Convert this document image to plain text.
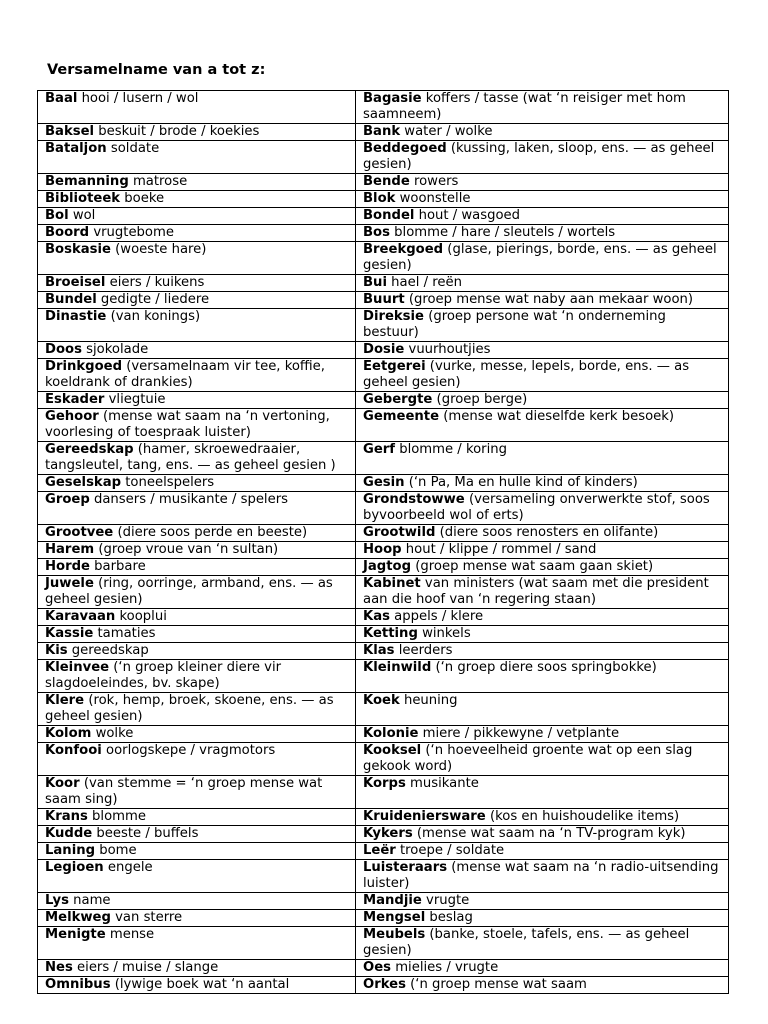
Versamelname van a tot z:
Baal hooi / lusern / wol	Bagasie koffers / tasse (wat ‘n reisiger met hom saamneem)
Baksel beskuit / brode / koekies	Bank water / wolke
Bataljon soldate	Beddegoed (kussing, laken, sloop, ens. — as geheel gesien)
Bemanning matrose	Bende rowers
Biblioteek boeke	Blok woonstelle
Bol wol	Bondel hout / wasgoed
Boord vrugtebome	Bos blomme / hare / sleutels / wortels
Boskasie (woeste hare)	Breekgoed (glase, pierings, borde, ens. — as geheel gesien)
Broeisel eiers / kuikens	Bui hael / reën
Bundel gedigte / liedere	Buurt (groep mense wat naby aan mekaar woon)
Dinastie (van konings)	Direksie (groep persone wat ‘n onderneming bestuur)
Doos sjokolade	Dosie vuurhoutjies
Drinkgoed (versamelnaam vir tee, koffie, koeldrank of drankies)	Eetgerei (vurke, messe, lepels, borde, ens. — as geheel gesien)
Eskader vliegtuie	Gebergte (groep berge)
Gehoor (mense wat saam na ‘n vertoning, voorlesing of toespraak luister)	Gemeente (mense wat dieselfde kerk besoek)
Gereedskap (hamer, skroewedraaier, tangsleutel, tang, ens. — as geheel gesien )	Gerf blomme / koring
Geselskap toneelspelers	Gesin (‘n Pa, Ma en hulle kind of kinders)
Groep dansers / musikante / spelers	Grondstowwe (versameling onverwerkte stof, soos byvoorbeeld wol of erts)
Grootvee (diere soos perde en beeste)	Grootwild (diere soos renosters en olifante)
Harem (groep vroue van ‘n sultan)	Hoop hout / klippe / rommel / sand
Horde barbare	Jagtog (groep mense wat saam gaan skiet)
Juwele (ring, oorringe, armband, ens. — as geheel gesien)	Kabinet van ministers (wat saam met die president aan die hoof van ‘n regering staan)
Karavaan kooplui	Kas appels / klere
Kassie tamaties	Ketting winkels
Kis gereedskap	Klas leerders
Kleinvee (‘n groep kleiner diere vir slagdoeleindes, bv. skape)	Kleinwild (‘n groep diere soos springbokke)
Klere (rok, hemp, broek, skoene, ens. — as geheel gesien)	Koek heuning
Kolom wolke	Kolonie miere / pikkewyne / vetplante
Konfooi oorlogskepe / vragmotors	Kooksel (‘n hoeveelheid groente wat op een slag gekook word)
Koor (van stemme = ‘n groep mense wat saam sing)	Korps musikante
Krans blomme	Kruideniersware (kos en huishoudelike items)
Kudde beeste / buffels	Kykers (mense wat saam na ‘n TV-program kyk)
Laning bome	Leër troepe / soldate
Legioen engele	Luisteraars (mense wat saam na ‘n radio-uitsending luister)
Lys name	Mandjie vrugte
Melkweg van sterre	Mengsel beslag
Menigte mense	Meubels (banke, stoele, tafels, ens. — as geheel gesien)
Nes eiers / muise / slange	Oes mielies / vrugte
Omnibus (lywige boek wat ‘n aantal	Orkes (‘n groep mense wat saam
